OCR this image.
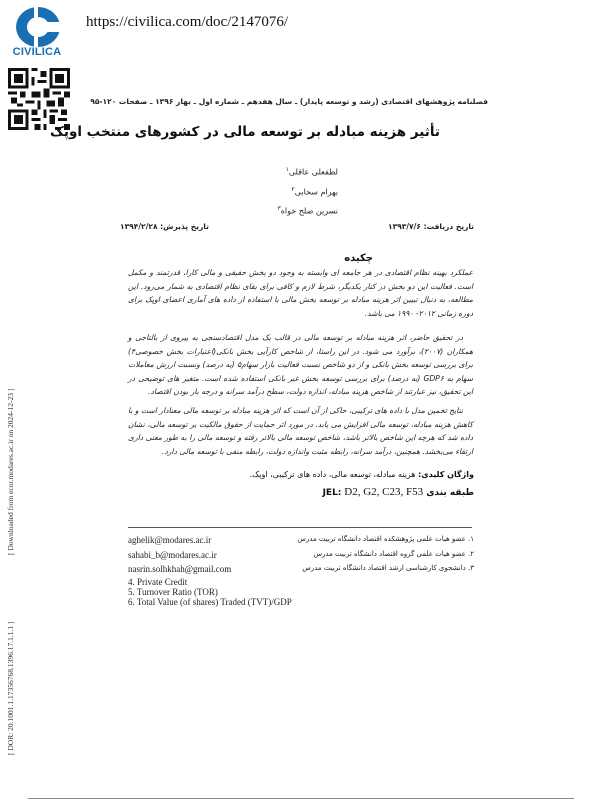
CIVILICA
https://civilica.com/doc/2147076/
فصلنامه پژوهشهای اقتصادی (رشد و توسعه پایدار) ـ سال هفدهم ـ شماره اول ـ بهار ۱۳۹۶ ـ صفحات ۱۲۰-۹۵
تأثیر هزینه مبادله بر توسعه مالی در کشورهای منتخب اوپک
لطفعلی عاقلی$^۱$
بهرام سحابی$^۲$
نسرین صلح خواه$^۳$
تاریخ دریافت: ۱۳۹۳/۷/۶
تاریخ پذیرش: ۱۳۹۴/۲/۲۸
چکیده
عملکرد بهینه نظام اقتصادی در هر جامعه ای وابسته به وجود دو بخش حقیقی و مالی کارا، قدرتمند و مکمل است. فعالیت این دو بخش در کنار یکدیگر، شرط لازم و کافی برای بقای نظام اقتصادی به شمار می‌رود. این مطالعه، به دنبال تبیین اثر هزینه مبادله بر توسعه بخش مالی با استفاده از داده های آماری اعضای اوپک برای دوره زمانی ۲۰۱۲- ۱۹۹۰ می باشد.
در تحقیق حاضر، اثر هزینه مبادله بر توسعه مالی در قالب یک مدل اقتصادسنجی به پیروی از بالتاجی و همکاران (۲۰۰۷)، برآورد می شود. در این راستا، از شاخص کارآیی بخش بانکی(اعتبارات بخش خصوصی۴) برای بررسی توسعه بخش بانکی و از دو شاخص نسبت فعالیت بازار سهام۵ (به درصد) ونسبت ارزش معاملات سهام به GDP۶ (به درصد) برای بررسی توسعه بخش غیر بانکی استفاده شده است. متغیر های توضیحی در این تحقیق، نیز عبارتند از شاخص هزینه مبادله، اندازه دولت، سطح درآمد سرانه و درجه باز بودن اقتصاد.
نتایج تخمین مدل با داده های ترکیبی، حاکی از آن است که اثر هزینه مبادله بر توسعه مالی معنادار است و با کاهش هزینه مبادله، توسعه مالی افزایش می یابد. در مورد اثر حمایت از حقوق مالکیت بر توسعه مالی، نشان داده شد که هرچه این شاخص بالاتر باشد، شاخص توسعه مالی بالاتر رفته و توسعه مالی را به طور معنی داری ارتقاء می‌بخشد. همچنین، درآمد سرانه، رابطه مثبت واندازه دولت، رابطه منفی با توسعه مالی دارد.
واژگان کلیدی: هزینه مبادله، توسعه مالی، داده های ترکیبی، اوپک.
طبقه بندی JEL: D2, G2, C23, F53
aghelik@modares.ac.ir	۱. عضو هیات علمی پژوهشکده اقتصاد دانشگاه تربیت مدرس
sahabi_b@modares.ac.ir	۲. عضو هیات علمی گروه اقتصاد دانشگاه تربیت مدرس
nasrin.solhkhah@gmail.com	۳. دانشجوی کارشناسی ارشد اقتصاد دانشگاه تربیت مدرس
4. Private Credit
5. Turnover Ratio (TOR)
6. Total Value (of shares) Traded (TVT)/GDP
[ Downloaded from ecor.modares.ac.ir on 2024-12-23 ]
[ DOR: 20.1001.1.17356768.1396.17.1.1.1 ]
